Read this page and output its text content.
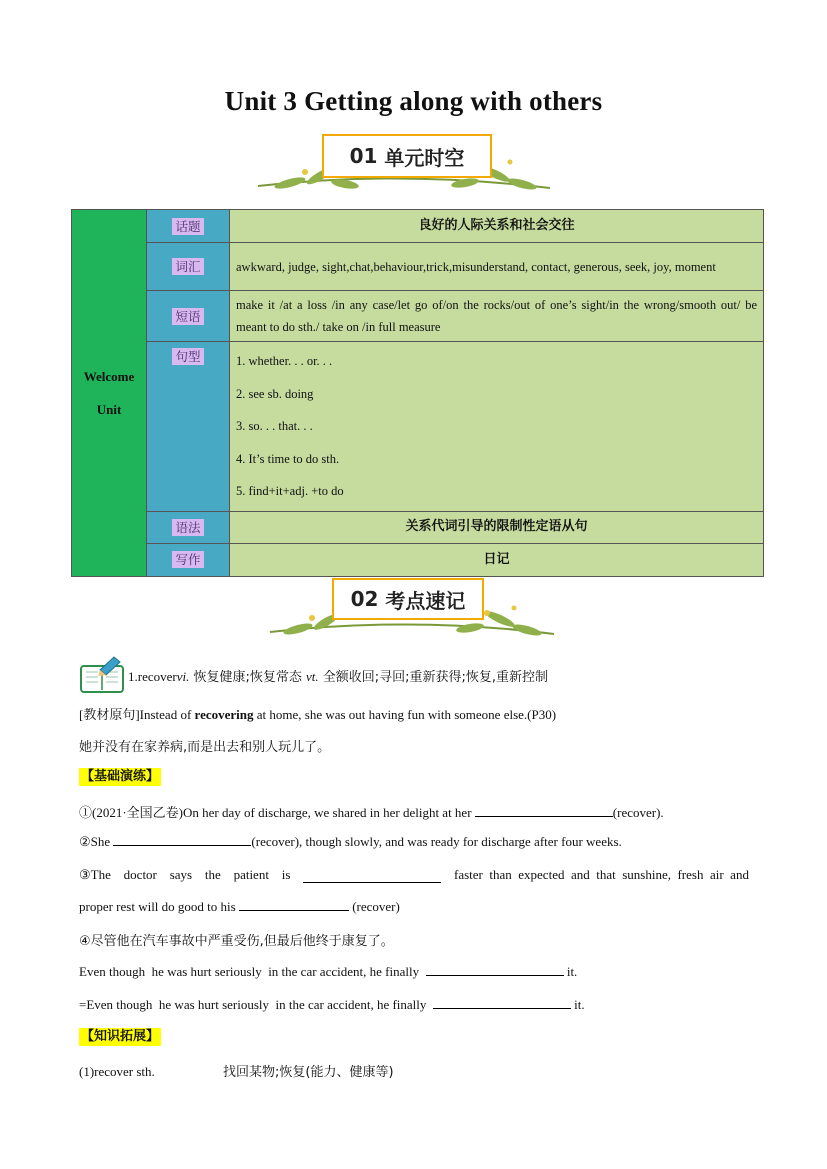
Unit 3 Getting along with others
01
单元时空
Welcome
Unit	话题	良好的人际关系和社会交往
	词汇	awkward, judge, sight,chat,behaviour,trick,misunderstand, contact, generous, seek, joy, moment
	短语	make it /at a loss /in any case/let go of/on the rocks/out of one’s sight/in the wrong/smooth out/ be meant to do sth./ take on /in full measure
	句型	1. whether. . . or. . .
2. see sb. doing
3. so. . . that. . .
4. It’s time to do sth.
5. find+it+adj. +to do

	语法	关系代词引导的限制性定语从句
	写作	日记
02
考点速记
1.recovervi. 恢复健康;恢复常态 vt. 全额收回;寻回;重新获得;恢复,重新控制
[教材原句]Instead of recovering at home, she was out having fun with someone else.(P30)
她并没有在家养病,而是出去和别人玩儿了。
【基础演练】
①(2021·全国乙卷)On her day of discharge, we shared in her delight at her	(recover).
②She	(recover), though slowly, and was ready for discharge after four weeks.
③The doctor says the patient is	faster  than  expected  and  that  sunshine,  fresh  air  and
proper rest will do good to his	(recover)
④尽管他在汽车事故中严重受伤,但最后他终于康复了。
Even though  he was hurt seriously  in the car accident, he finally	it.
=Even though  he was hurt seriously  in the car accident, he finally	it.
【知识拓展】
(1)recover sth.	找回某物;恢复(能力、健康等)
